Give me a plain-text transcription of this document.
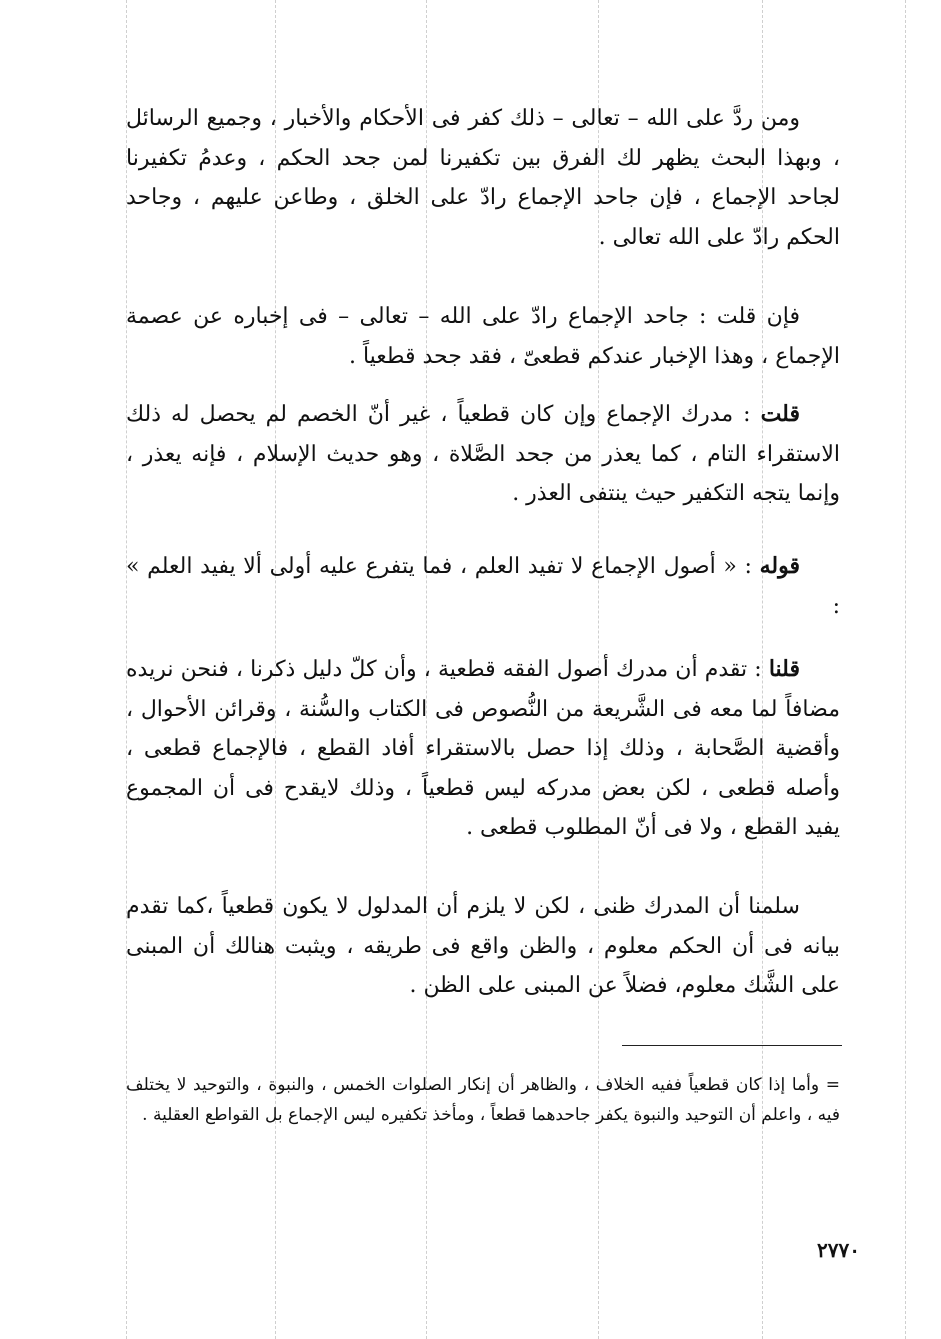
ومن ردَّ على الله – تعالى – ذلك كفر فى الأحكام والأخبار ، وجميع الرسائل ، وبهذا البحث يظهر لك الفرق بين تكفيرنا لمن جحد الحكم ، وعدمُ تكفيرنا لجاحد الإجماع ، فإن جاحد الإجماع رادّ على الخلق ، وطاعن عليهم ، وجاحد الحكم رادّ على الله تعالى .

فإن قلت : جاحد الإجماع رادّ على الله – تعالى – فى إخباره عن عصمة الإجماع ، وهذا الإخبار عندكم قطعىّ ، فقد جحد قطعياً .

قلت : مدرك الإجماع وإن كان قطعياً ، غير أنّ الخصم لم يحصل له ذلك الاستقراء التام ، كما يعذر من جحد الصَّلاة ، وهو حديث الإسلام ، فإنه يعذر ، وإنما يتجه التكفير حيث ينتفى العذر .

قوله : « أصول الإجماع لا تفيد العلم ، فما يتفرع عليه أولى ألا يفيد العلم » :

قلنا : تقدم أن مدرك أصول الفقه قطعية ، وأن كلّ دليل ذكرنا ، فنحن نريده مضافاً لما معه فى الشَّريعة من النُّصوص فى الكتاب والسُّنة ، وقرائن الأحوال ، وأقضية الصَّحابة ، وذلك إذا حصل بالاستقراء أفاد القطع ، فالإجماع قطعى ، وأصله قطعى ، لكن بعض مدركه ليس قطعياً ، وذلك لايقدح فى أن المجموع يفيد القطع ، ولا فى أنّ المطلوب قطعى .

سلمنا أن المدرك ظنى ، لكن لا يلزم أن المدلول لا يكون قطعياً ،كما تقدم بيانه فى أن الحكم معلوم ، والظن واقع فى طريقه ، ويثبت هنالك أن المبنى على الشَّك معلوم، فضلاً عن المبنى على الظن .

= وأما إذا كان قطعياً ففيه الخلاف ، والظاهر أن إنكار الصلوات الخمس ، والنبوة ، والتوحيد لا يختلف فيه ، واعلم أن التوحيد والنبوة يكفر جاحدهما قطعاً ، ومأخذ تكفيره ليس الإجماع بل القواطع العقلية .

٢٧٧٠
